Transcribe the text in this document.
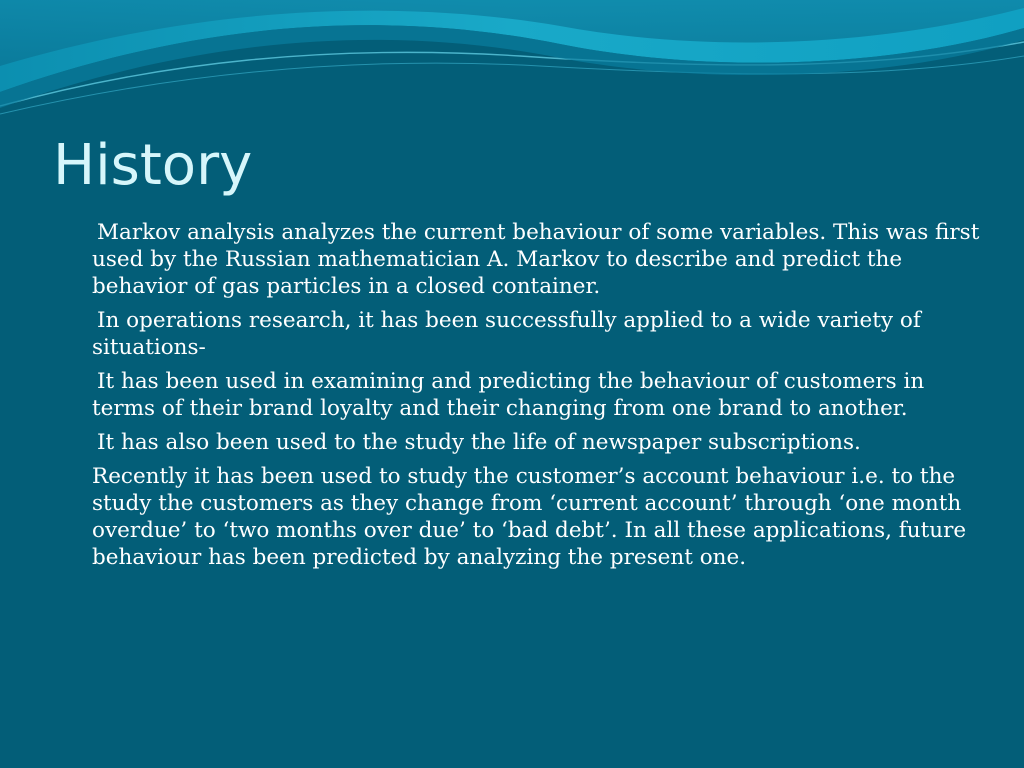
History

Markov analysis analyzes the current behaviour of some variables. This was first used by the Russian mathematician A. Markov to describe and predict the behavior of gas particles in a closed container.

In operations research, it has been successfully applied to a wide variety of situations-

It has been used in examining and predicting the behaviour of customers in terms of their brand loyalty and their changing from one brand to another.

It has also been used to the study the life of newspaper subscriptions.

Recently it has been used to study the customer’s account behaviour i.e. to the study the customers as they change from ‘current account’ through ‘one month overdue’ to ‘two months over due’ to ‘bad debt’. In all these applications, future behaviour has been predicted by analyzing the present one.
